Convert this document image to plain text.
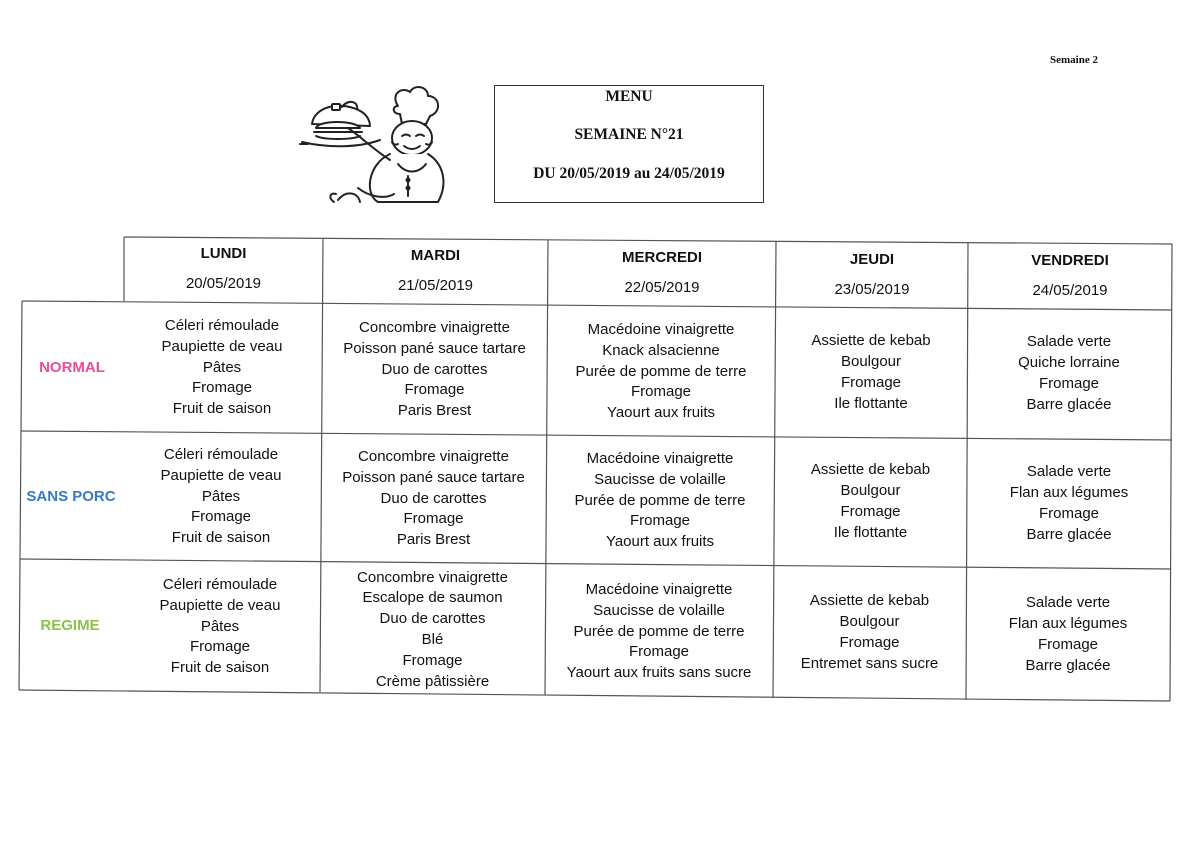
Semaine 2
MENU
SEMAINE N°21
DU 20/05/2019 au 24/05/2019
LUNDI
20/05/2019
MARDI
21/05/2019
MERCREDI
22/05/2019
JEUDI
23/05/2019
VENDREDI
24/05/2019
NORMAL
SANS PORC
REGIME
Céleri rémoulade
Paupiette de veau
Pâtes
Fromage
Fruit de saison
Concombre vinaigrette
Poisson pané sauce tartare
Duo de carottes
Fromage
Paris Brest
Macédoine vinaigrette
Knack alsacienne
Purée de pomme de terre
Fromage
Yaourt aux fruits
Assiette de kebab
Boulgour
Fromage
Ile flottante
Salade verte
Quiche lorraine
Fromage
Barre glacée
Céleri rémoulade
Paupiette de veau
Pâtes
Fromage
Fruit de saison
Concombre vinaigrette
Poisson pané sauce tartare
Duo de carottes
Fromage
Paris Brest
Macédoine vinaigrette
Saucisse de volaille
Purée de pomme de terre
Fromage
Yaourt aux fruits
Assiette de kebab
Boulgour
Fromage
Ile flottante
Salade verte
Flan aux légumes
Fromage
Barre glacée
Céleri rémoulade
Paupiette de veau
Pâtes
Fromage
Fruit de saison
Concombre vinaigrette
Escalope de saumon
Duo de carottes
Blé
Fromage
Crème pâtissière
Macédoine vinaigrette
Saucisse de volaille
Purée de pomme de terre
Fromage
Yaourt aux fruits sans sucre
Assiette de kebab
Boulgour
Fromage
Entremet sans sucre
Salade verte
Flan aux légumes
Fromage
Barre glacée
